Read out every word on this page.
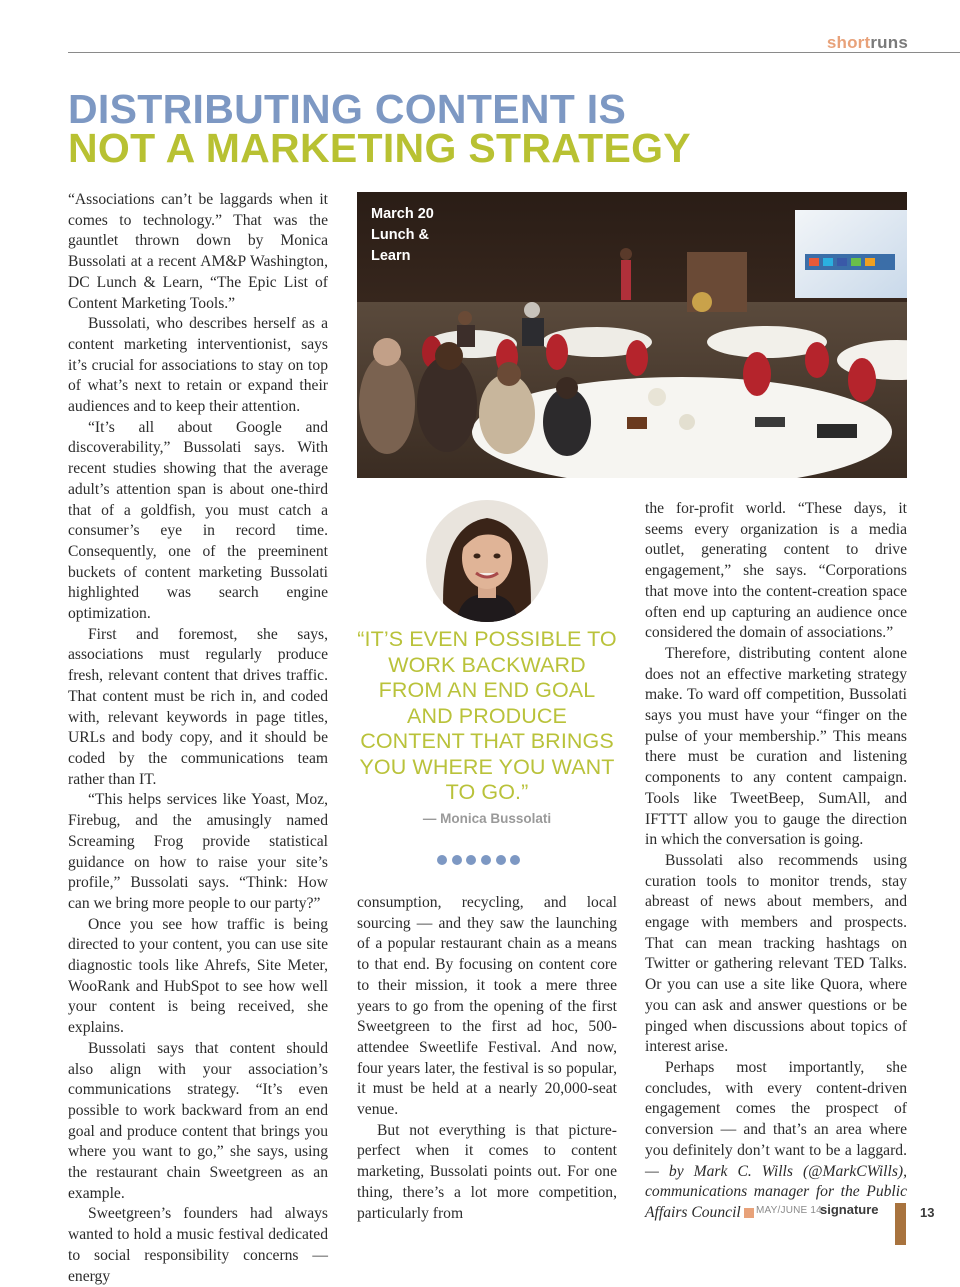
shortruns
DISTRIBUTING CONTENT IS
NOT A MARKETING STRATEGY

“Associations can’t be laggards when it comes to technology.” That was the gauntlet thrown down by Monica Bussolati at a recent AM&P Washington, DC Lunch & Learn, “The Epic List of Content Marketing Tools.”

Bussolati, who describes herself as a content marketing interventionist, says it’s crucial for associations to stay on top of what’s next to retain or expand their audiences and to keep their attention.

“It’s all about Google and discoverability,” Bussolati says. With recent studies showing that the average adult’s attention span is about one-third that of a goldfish, you must catch a consumer’s eye in record time. Consequently, one of the preeminent buckets of content marketing Bussolati highlighted was search engine optimization.

First and foremost, she says, associations must regularly produce fresh, relevant content that drives traffic. That content must be rich in, and coded with, relevant keywords in page titles, URLs and body copy, and it should be coded by the communications team rather than IT.

“This helps services like Yoast, Moz, Firebug, and the amusingly named Screaming Frog provide statistical guidance on how to raise your site’s profile,” Bussolati says. “Think: How can we bring more people to our party?”

Once you see how traffic is being directed to your content, you can use site diagnostic tools like Ahrefs, Site Meter, WooRank and HubSpot to see how well your content is being received, she explains.

Bussolati says that content should also align with your association’s communications strategy. “It’s even possible to work backward from an end goal and produce content that brings you where you want to go,” she says, using the restaurant chain Sweetgreen as an example.

Sweetgreen’s founders had always wanted to hold a music festival dedicated to social responsibility concerns — energy

March 20
Lunch &
Learn
“IT’S EVEN POSSIBLE TO WORK BACKWARD FROM AN END GOAL AND PRODUCE CONTENT THAT BRINGS YOU WHERE YOU WANT TO GO.”
— Monica Bussolati

consumption, recycling, and local sourcing — and they saw the launching of a popular restaurant chain as a means to that end. By focusing on content core to their mission, it took a mere three years to go from the opening of the first Sweetgreen to the first ad hoc, 500-attendee Sweetlife Festival. And now, four years later, the festival is so popular, it must be held at a nearly 20,000-seat venue.

But not everything is that picture-perfect when it comes to content marketing, Bussolati points out. For one thing, there’s a lot more competition, particularly from

the for-profit world. “These days, it seems every organization is a media outlet, generating content to drive engagement,” she says. “Corporations that move into the content-creation space often end up capturing an audience once considered the domain of associations.”

Therefore, distributing content alone does not an effective marketing strategy make. To ward off competition, Bussolati says you must have your “finger on the pulse of your membership.” This means there must be curation and listening components to any content campaign. Tools like TweetBeep, SumAll, and IFTTT allow you to gauge the direction in which the conversation is going.

Bussolati also recommends using curation tools to monitor trends, stay abreast of news about members, and engage with members and prospects. That can mean tracking hashtags on Twitter or gathering relevant TED Talks. Or you can use a site like Quora, where you can ask and answer questions or be pinged when discussions about topics of interest arise.

Perhaps most importantly, she concludes, with every content-driven engagement comes the prospect of conversion — and that’s an area where you definitely don’t want to be a laggard. — by Mark C. Wills (@MarkCWills), communications manager for the Public Affairs Council	MAY/JUNE 14
signature	13
